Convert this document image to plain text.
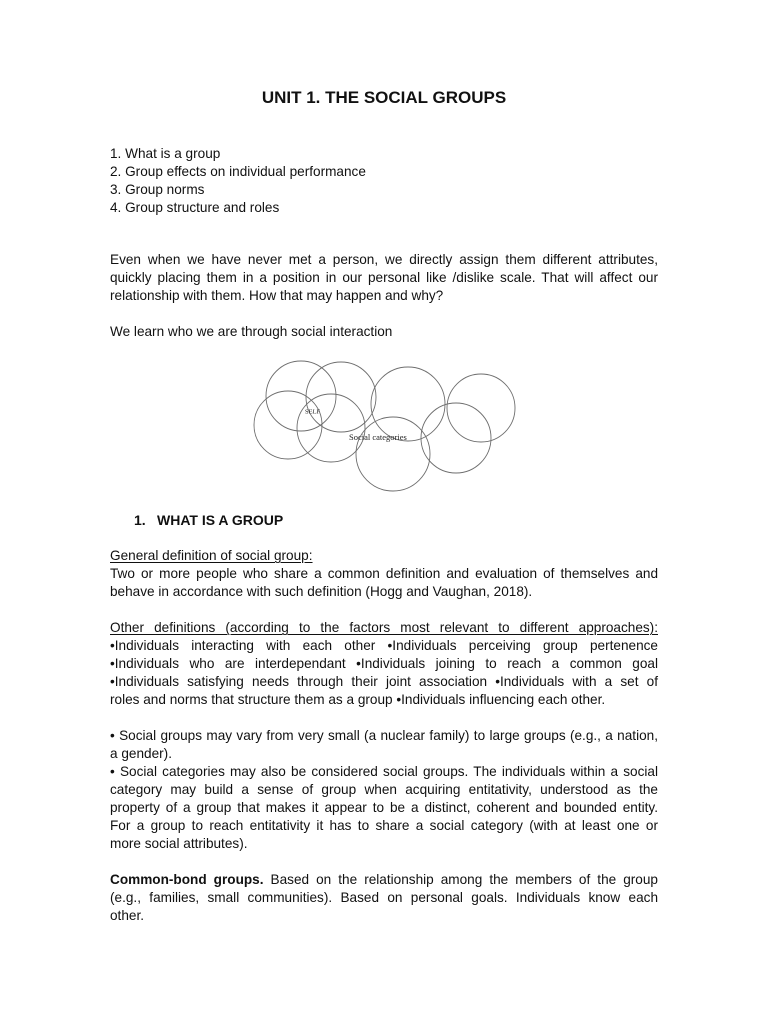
UNIT 1. THE SOCIAL GROUPS
1. What is a group
2. Group effects on individual performance
3. Group norms
4. Group structure and roles
Even when we have never met a person, we directly assign them different attributes,
quickly placing them in a position in our personal like /dislike scale. That will affect our
relationship with them. How that may happen and why?
We learn who we are through social interaction
SELF
Social categories
1. WHAT IS A GROUP
General definition of social group:
Two or more people who share a common definition and evaluation of themselves and
behave in accordance with such definition (Hogg and Vaughan, 2018).
Other definitions (according to the factors most relevant to different approaches):
•Individuals interacting with each other •Individuals perceiving group pertenence
•Individuals who are interdependant •Individuals joining to reach a common goal
•Individuals satisfying needs through their joint association •Individuals with a set of
roles and norms that structure them as a group •Individuals influencing each other.
• Social groups may vary from very small (a nuclear family) to large groups (e.g., a nation,
a gender).
• Social categories may also be considered social groups. The individuals within a social
category may build a sense of group when acquiring entitativity, understood as the
property of a group that makes it appear to be a distinct, coherent and bounded entity.
For a group to reach entitativity it has to share a social category (with at least one or
more social attributes).
Common-bond groups. Based on the relationship among the members of the group
(e.g., families, small communities). Based on personal goals. Individuals know each
other.
